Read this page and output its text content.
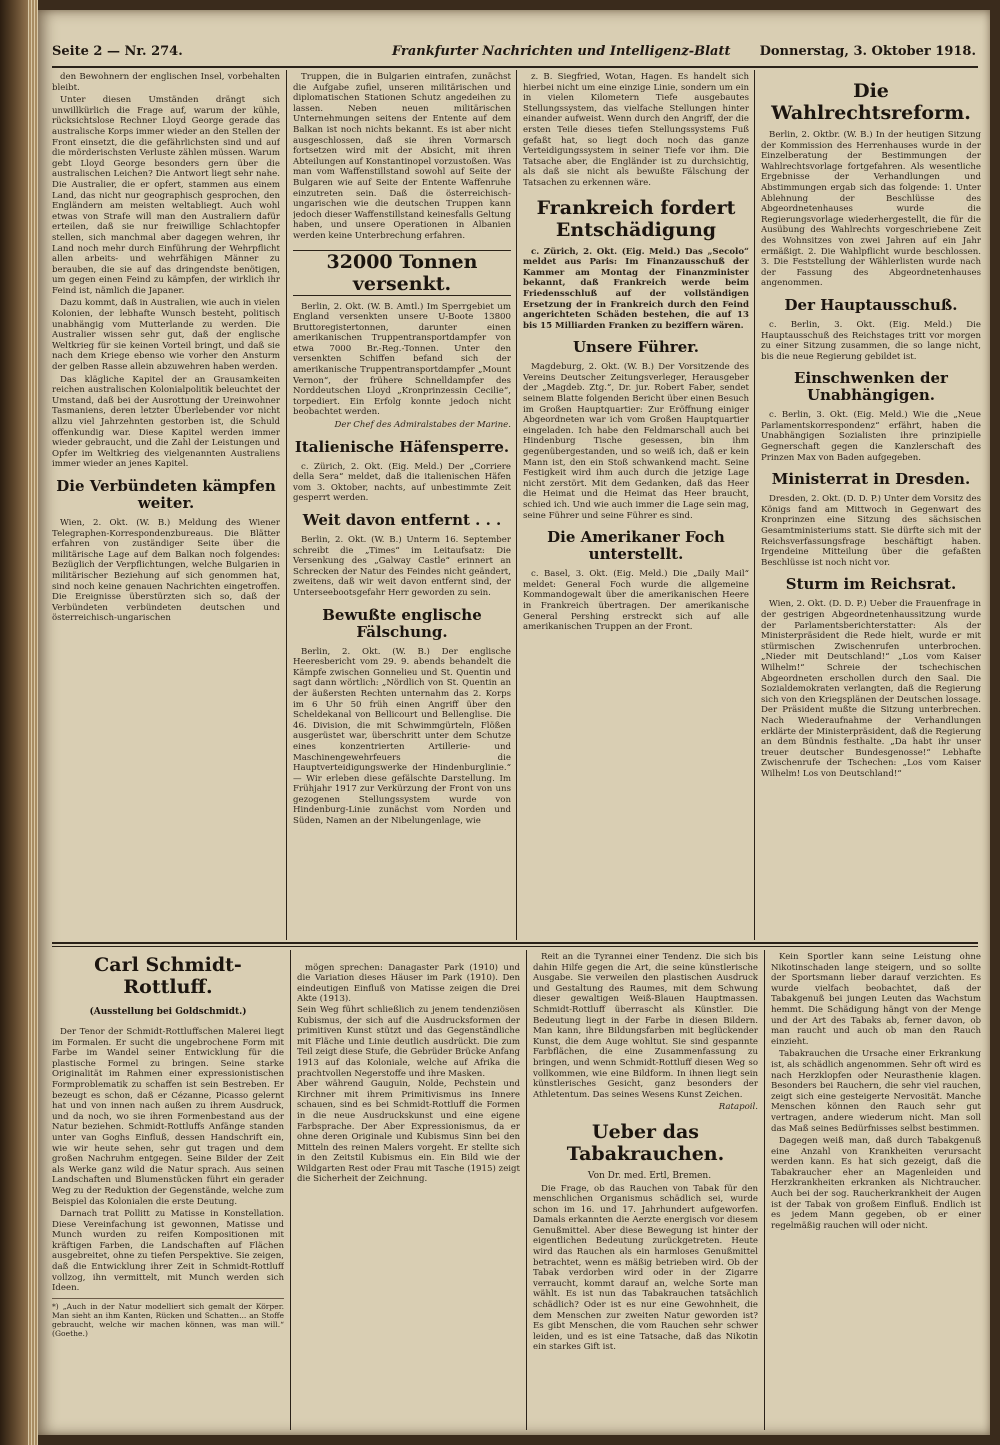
Seite 2 — Nr. 274.	Frankfurter Nachrichten und Intelligenz-Blatt Donnerstag, 3. Oktober 1918.

den Bewohnern der englischen Insel, vorbehalten bleibt.

Unter diesen Umständen drängt sich unwillkürlich die Frage auf, warum der kühle, rücksichtslose Rechner Lloyd George gerade das australische Korps immer wieder an den Stellen der Front einsetzt, die die gefährlichsten sind und auf die mörderischsten Verluste zählen müssen. Warum gebt Lloyd George besonders gern über die australischen Leichen? Die Antwort liegt sehr nahe. Die Australier, die er opfert, stammen aus einem Land, das nicht nur geographisch gesprochen, den Engländern am meisten weltabliegt. Auch wohl etwas von Strafe will man den Australiern dafür erteilen, daß sie nur freiwillige Schlachtopfer stellen, sich manchmal aber dagegen wehren, ihr Land noch mehr durch Einführung der Wehrpflicht allen arbeits- und wehrfähigen Männer zu berauben, die sie auf das dringendste benötigen, um gegen einen Feind zu kämpfen, der wirklich ihr Feind ist, nämlich die Japaner.

Dazu kommt, daß in Australien, wie auch in vielen Kolonien, der lebhafte Wunsch besteht, politisch unabhängig vom Mutterlande zu werden. Die Australier wissen sehr gut, daß der englische Weltkrieg für sie keinen Vorteil bringt, und daß sie nach dem Kriege ebenso wie vorher den Ansturm der gelben Rasse allein abzuwehren haben werden.

Das klägliche Kapitel der an Grausamkeiten reichen australischen Kolonialpolitik beleuchtet der Umstand, daß bei der Ausrottung der Ureinwohner Tasmaniens, deren letzter Überlebender vor nicht allzu viel Jahrzehnten gestorben ist, die Schuld offenkundig war. Diese Kapitel werden immer wieder gebraucht, und die Zahl der Leistungen und Opfer im Weltkrieg des vielgenannten Australiens immer wieder an jenes Kapitel.

Die Verbündeten kämpfen weiter.

Wien, 2. Okt. (W. B.) Meldung des Wiener Telegraphen-Korrespondenzbureaus. Die Blätter erfahren von zuständiger Seite über die militärische Lage auf dem Balkan noch folgendes: Bezüglich der Verpflichtungen, welche Bulgarien in militärischer Beziehung auf sich genommen hat, sind noch keine genauen Nachrichten eingetroffen. Die Ereignisse überstürzten sich so, daß der Verbündeten verbündeten deutschen und österreichisch-ungarischen

Truppen, die in Bulgarien eintrafen, zunächst die Aufgabe zufiel, unseren militärischen und diplomatischen Stationen Schutz angedeihen zu lassen. Neben neuen militärischen Unternehmungen seitens der Entente auf dem Balkan ist noch nichts bekannt. Es ist aber nicht ausgeschlossen, daß sie ihren Vormarsch fortsetzen wird mit der Absicht, mit ihren Abteilungen auf Konstantinopel vorzustoßen. Was man vom Waffenstillstand sowohl auf Seite der Bulgaren wie auf Seite der Entente Waffenruhe einzutreten sein. Daß die österreichisch-ungarischen wie die deutschen Truppen kann jedoch dieser Waffenstillstand keinesfalls Geltung haben, und unsere Operationen in Albanien werden keine Unterbrechung erfahren.

32000 Tonnen versenkt.

Berlin, 2. Okt. (W. B. Amtl.) Im Sperrgebiet um England versenkten unsere U-Boote 13800 Bruttoregistertonnen, darunter einen amerikanischen Truppentransportdampfer von etwa 7000 Br.-Reg.-Tonnen. Unter den versenkten Schiffen befand sich der amerikanische Truppentransportdampfer „Mount Vernon“, der frühere Schnelldampfer des Norddeutschen Lloyd „Kronprinzessin Cecilie“, torpediert. Ein Erfolg konnte jedoch nicht beobachtet werden.

Der Chef des Admiralstabes der Marine.

Italienische Häfensperre.

c. Zürich, 2. Okt. (Eig. Meld.) Der „Corriere della Sera“ meldet, daß die italienischen Häfen vom 3. Oktober, nachts, auf unbestimmte Zeit gesperrt werden.

Weit davon entfernt . . .

Berlin, 2. Okt. (W. B.) Unterm 16. September schreibt die „Times“ im Leitaufsatz: Die Versenkung des „Galway Castle“ erinnert an Schrecken der Natur des Feindes nicht geändert, zweitens, daß wir weit davon entfernt sind, der Unterseebootsgefahr Herr geworden zu sein.

Bewußte englische Fälschung.

Berlin, 2. Okt. (W. B.) Der englische Heeresbericht vom 29. 9. abends behandelt die Kämpfe zwischen Gonnelieu und St. Quentin und sagt dann wörtlich: „Nördlich von St. Quentin an der äußersten Rechten unternahm das 2. Korps im 6 Uhr 50 früh einen Angriff über den Scheldekanal von Bellicourt und Bellenglise. Die 46. Division, die mit Schwimmgürteln, Flößen ausgerüstet war, überschritt unter dem Schutze eines konzentrierten Artillerie- und Maschinengewehrfeuers die Hauptverteidigungswerke der Hindenburglinie.“ — Wir erleben diese gefälschte Darstellung. Im Frühjahr 1917 zur Verkürzung der Front von uns gezogenen Stellungssystem wurde von Hindenburg-Linie zunächst vom Norden und Süden, Namen an der Nibelungenlage, wie

z. B. Siegfried, Wotan, Hagen. Es handelt sich hierbei nicht um eine einzige Linie, sondern um ein in vielen Kilometern Tiefe ausgebautes Stellungssystem, das vielfache Stellungen hinter einander aufweist. Wenn durch den Angriff, der die ersten Teile dieses tiefen Stellungssystems Fuß gefaßt hat, so liegt doch noch das ganze Verteidigungssystem in seiner Tiefe vor ihm. Die Tatsache aber, die Engländer ist zu durchsichtig, als daß sie nicht als bewußte Fälschung der Tatsachen zu erkennen wäre.

Frankreich fordert Entschädigung

c. Zürich, 2. Okt. (Eig. Meld.) Das „Secolo“ meldet aus Paris: Im Finanzausschuß der Kammer am Montag der Finanzminister bekannt, daß Frankreich werde beim Friedensschluß auf der vollständigen Ersetzung der in Frankreich durch den Feind angerichteten Schäden bestehen, die auf 13 bis 15 Milliarden Franken zu beziffern wären.

Unsere Führer.

Magdeburg, 2. Okt. (W. B.) Der Vorsitzende des Vereins Deutscher Zeitungsverleger, Herausgeber der „Magdeb. Ztg.“, Dr. jur. Robert Faber, sendet seinem Blatte folgenden Bericht über einen Besuch im Großen Hauptquartier: Zur Eröffnung einiger Abgeordneten war ich vom Großen Hauptquartier eingeladen. Ich habe den Feldmarschall auch bei Hindenburg Tische gesessen, bin ihm gegenübergestanden, und so weiß ich, daß er kein Mann ist, den ein Stoß schwankend macht. Seine Festigkeit wird ihm auch durch die jetzige Lage nicht zerstört. Mit dem Gedanken, daß das Heer die Heimat und die Heimat das Heer braucht, schied ich. Und wie auch immer die Lage sein mag, seine Führer und seine Führer es sind.

Die Amerikaner Foch unterstellt.

c. Basel, 3. Okt. (Eig. Meld.) Die „Daily Mail“ meldet: General Foch wurde die allgemeine Kommandogewalt über die amerikanischen Heere in Frankreich übertragen. Der amerikanische General Pershing erstreckt sich auf alle amerikanischen Truppen an der Front.

Die Wahlrechtsreform.

Berlin, 2. Oktbr. (W. B.) In der heutigen Sitzung der Kommission des Herrenhauses wurde in der Einzelberatung der Bestimmungen der Wahlrechtsvorlage fortgefahren. Als wesentliche Ergebnisse der Verhandlungen und Abstimmungen ergab sich das folgende: 1. Unter Ablehnung der Beschlüsse des Abgeordnetenhauses wurde die Regierungsvorlage wiederhergestellt, die für die Ausübung des Wahlrechts vorgeschriebene Zeit des Wohnsitzes von zwei Jahren auf ein Jahr ermäßigt. 2. Die Wahlpflicht wurde beschlossen. 3. Die Feststellung der Wählerlisten wurde nach der Fassung des Abgeordnetenhauses angenommen.

Der Hauptausschuß.

c. Berlin, 3. Okt. (Eig. Meld.) Die Hauptausschuß des Reichstages tritt vor morgen zu einer Sitzung zusammen, die so lange nicht, bis die neue Regierung gebildet ist.

Einschwenken der Unabhängigen.

c. Berlin, 3. Okt. (Eig. Meld.) Wie die „Neue Parlamentskorrespondenz“ erfährt, haben die Unabhängigen Sozialisten ihre prinzipielle Gegnerschaft gegen die Kanzlerschaft des Prinzen Max von Baden aufgegeben.

Ministerrat in Dresden.

Dresden, 2. Okt. (D. D. P.) Unter dem Vorsitz des Königs fand am Mittwoch in Gegenwart des Kronprinzen eine Sitzung des sächsischen Gesamtministeriums statt. Sie dürfte sich mit der Reichsverfassungsfrage beschäftigt haben. Irgendeine Mitteilung über die gefaßten Beschlüsse ist noch nicht vor.

Sturm im Reichsrat.

Wien, 2. Okt. (D. D. P.) Ueber die Frauenfrage in der gestrigen Abgeordnetenhaussitzung wurde der Parlamentsberichterstatter: Als der Ministerpräsident die Rede hielt, wurde er mit stürmischen Zwischenrufen unterbrochen. „Nieder mit Deutschland!“ „Los vom Kaiser Wilhelm!“ Schreie der tschechischen Abgeordneten erschollen durch den Saal. Die Sozialdemokraten verlangten, daß die Regierung sich von den Kriegsplänen der Deutschen lossage. Der Präsident mußte die Sitzung unterbrechen. Nach Wiederaufnahme der Verhandlungen erklärte der Ministerpräsident, daß die Regierung an dem Bündnis festhalte. „Da habt ihr unser treuer deutscher Bundesgenosse!“ Lebhafte Zwischenrufe der Tschechen: „Los vom Kaiser Wilhelm! Los von Deutschland!“

Carl Schmidt-Rottluff.
(Ausstellung bei Goldschmidt.)

Der Tenor der Schmidt-Rottluffschen Malerei liegt im Formalen. Er sucht die ungebrochene Form mit Farbe im Wandel seiner Entwicklung für die plastische Formel zu bringen. Seine starke Originalität im Rahmen einer expressionistischen Formproblematik zu schaffen ist sein Bestreben. Er bezeugt es schon, daß er Cézanne, Picasso gelernt hat und von innen nach außen zu ihrem Ausdruck, und da noch, wo sie ihren Formenbestand aus der Natur beziehen. Schmidt-Rottluffs Anfänge standen unter van Goghs Einfluß, dessen Handschrift ein, wie wir heute sehen, sehr gut tragen und dem großen Nachruhm entgegen. Seine Bilder der Zeit als Werke ganz wild die Natur sprach. Aus seinen Landschaften und Blumenstücken führt ein gerader Weg zu der Reduktion der Gegenstände, welche zum Beispiel das Kolonialen die erste Deutung.

Darnach trat Pollitt zu Matisse in Konstellation. Diese Vereinfachung ist gewonnen, Matisse und Munch wurden zu reifen Kompositionen mit kräftigen Farben, die Landschaften auf Flächen ausgebreitet, ohne zu tiefen Perspektive. Sie zeigen, daß die Entwicklung ihrer Zeit in Schmidt-Rottluff vollzog, ihn vermittelt, mit Munch werden sich Ideen.

*) „Auch in der Natur modelliert sich gemalt der Körper. Man sieht an ihm Kanten, Rücken und Schatten... an Stoffe gebraucht, welche wir machen können, was man will.“ (Goethe.)

mögen sprechen: Danagaster Park (1910) und die Variation dieses Häuser im Park (1910). Den eindeutigen Einfluß von Matisse zeigen die Drei Akte (1913).
Sein Weg führt schließlich zu jenem tendenziösen Kubismus, der sich auf die Ausdrucksformen der primitiven Kunst stützt und das Gegenständliche mit Fläche und Linie deutlich ausdrückt. Die zum Teil zeigt diese Stufe, die Gebrüder Brücke Anfang 1913 auf das Koloniale, welche auf Afrika die prachtvollen Negerstoffe und ihre Masken.
Aber während Gauguin, Nolde, Pechstein und Kirchner mit ihrem Primitivismus ins Innere schauen, sind es bei Schmidt-Rottluff die Formen in die neue Ausdruckskunst und eine eigene Farbsprache. Der Aber Expressionismus, da er ohne deren Originale und Kubismus Sinn bei den Mitteln des reinen Malers vorgeht. Er stellte sich in den Zeitstil Kubismus ein. Ein Bild wie der Wildgarten Rest oder Frau mit Tasche (1915) zeigt die Sicherheit der Zeichnung.

Reit an die Tyrannei einer Tendenz. Die sich bis dahin Hilfe gegen die Art, die seine künstlerische Ausgabe. Sie verweilen den plastischen Ausdruck und Gestaltung des Raumes, mit dem Schwung dieser gewaltigen Weiß-Blauen Hauptmassen. Schmidt-Rottluff überrascht als Künstler. Die Bedeutung liegt in der Farbe in diesen Bildern. Man kann, ihre Bildungsfarben mit beglückender Kunst, die dem Auge wohltut. Sie sind gespannte Farbflächen, die eine Zusammenfassung zu bringen, und wenn Schmidt-Rottluff diesen Weg so vollkommen, wie eine Bildform. In ihnen liegt sein künstlerisches Gesicht, ganz besonders der Athletentum. Das seines Wesens Kunst Zeichen.

Ratapoil.

Ueber das Tabakrauchen.

Von Dr. med. Ertl, Bremen.

Die Frage, ob das Rauchen von Tabak für den menschlichen Organismus schädlich sei, wurde schon im 16. und 17. Jahrhundert aufgeworfen. Damals erkannten die Aerzte energisch vor diesem Genußmittel. Aber diese Bewegung ist hinter der eigentlichen Bedeutung zurückgetreten. Heute wird das Rauchen als ein harmloses Genußmittel betrachtet, wenn es mäßig betrieben wird. Ob der Tabak verdorben wird oder in der Zigarre verraucht, kommt darauf an, welche Sorte man wählt. Es ist nun das Tabakrauchen tatsächlich schädlich? Oder ist es nur eine Gewohnheit, die dem Menschen zur zweiten Natur geworden ist? Es gibt Menschen, die vom Rauchen sehr schwer leiden, und es ist eine Tatsache, daß das Nikotin ein starkes Gift ist.

Kein Sportler kann seine Leistung ohne Nikotinschaden lange steigern, und so sollte der Sportsmann lieber darauf verzichten. Es wurde vielfach beobachtet, daß der Tabakgenuß bei jungen Leuten das Wachstum hemmt. Die Schädigung hängt von der Menge und der Art des Tabaks ab, ferner davon, ob man raucht und auch ob man den Rauch einzieht.

Tabakrauchen die Ursache einer Erkrankung ist, als schädlich angenommen. Sehr oft wird es nach Herzklopfen oder Neurasthenie klagen. Besonders bei Rauchern, die sehr viel rauchen, zeigt sich eine gesteigerte Nervosität. Manche Menschen können den Rauch sehr gut vertragen, andere wiederum nicht. Man soll das Maß seines Bedürfnisses selbst bestimmen.

Dagegen weiß man, daß durch Tabakgenuß eine Anzahl von Krankheiten verursacht werden kann. Es hat sich gezeigt, daß die Tabakraucher eher an Magenleiden und Herzkrankheiten erkranken als Nichtraucher. Auch bei der sog. Raucherkrankheit der Augen ist der Tabak von großem Einfluß. Endlich ist es jedem Mann gegeben, ob er einer regelmäßig rauchen will oder nicht.
